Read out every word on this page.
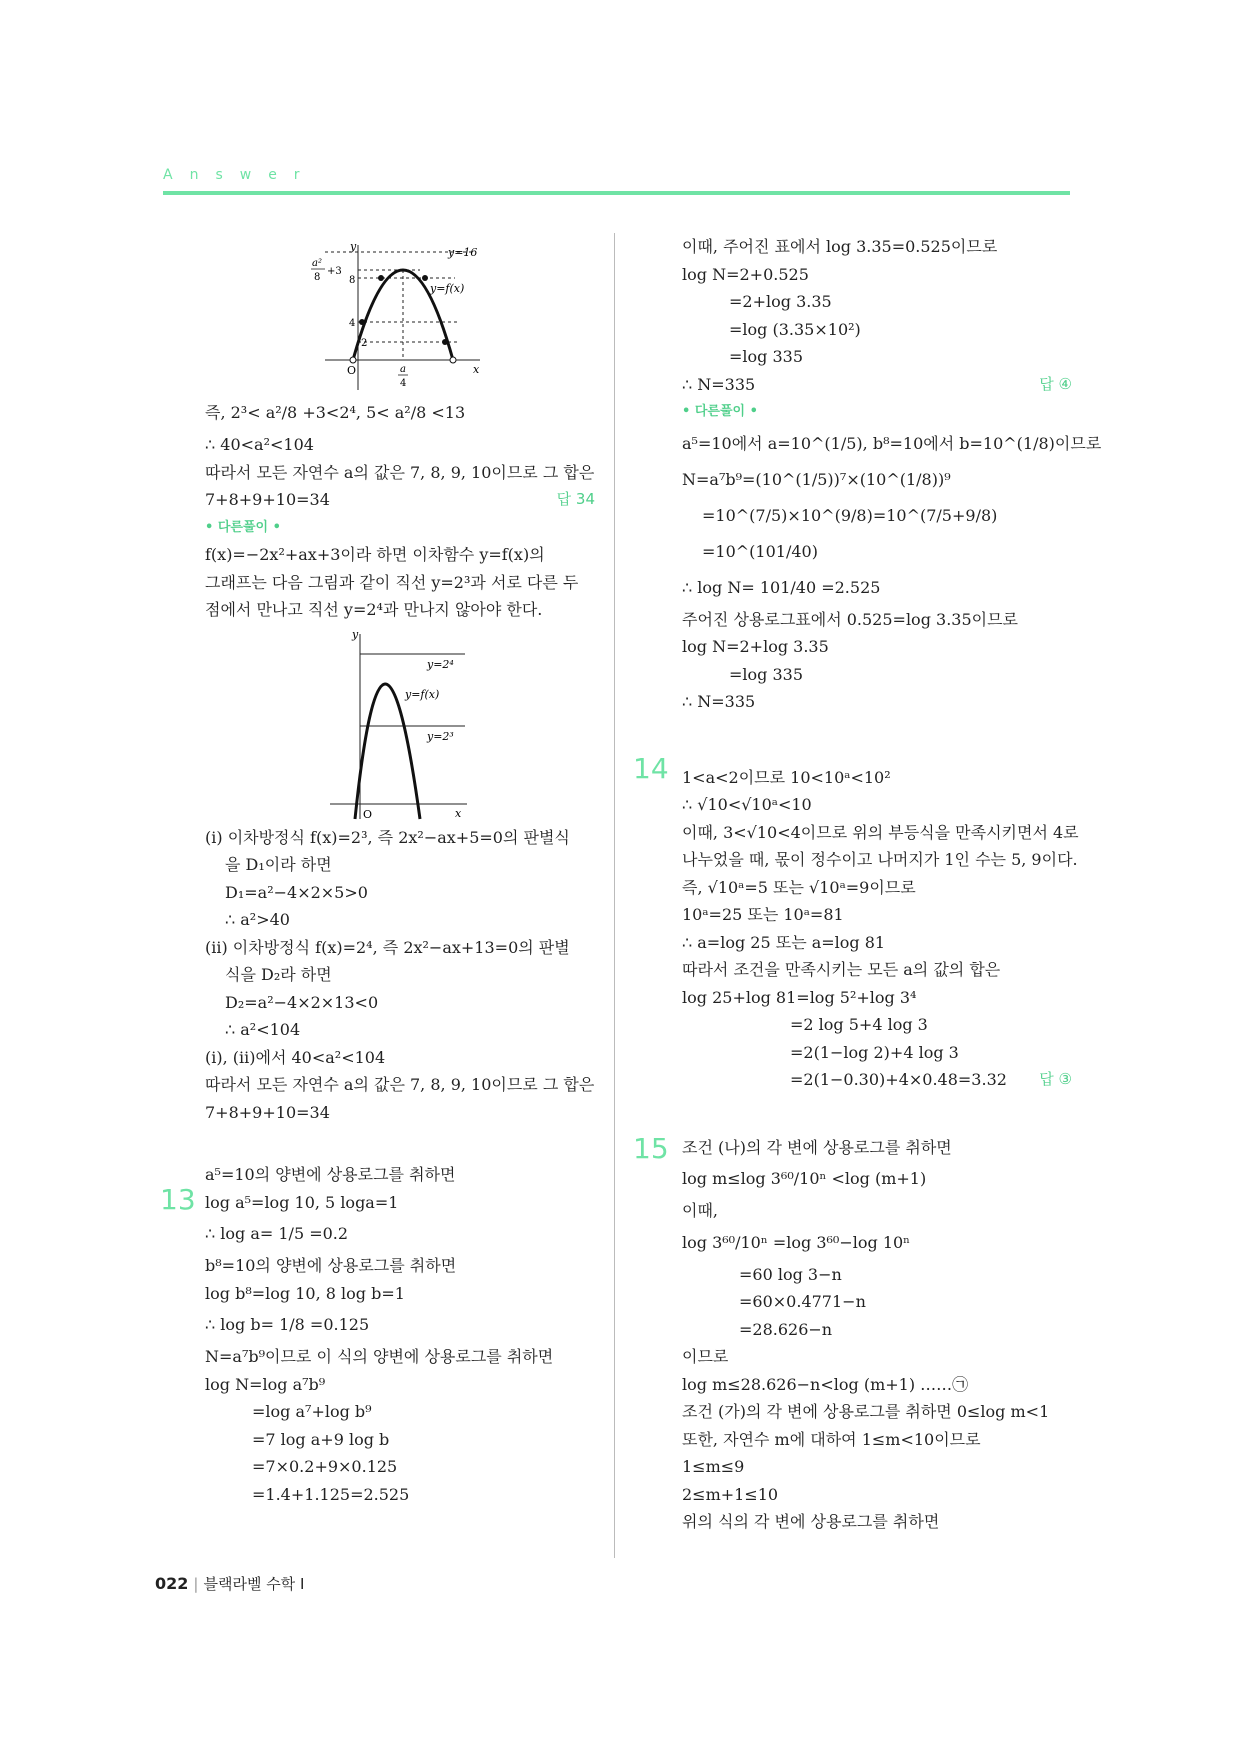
Answer
y
x
O
y=16
y=f(x)
8
4
2
a²
8
+3
a
4
즉, 2³< a²/8 +3<2⁴, 5< a²/8 <13
∴ 40<a²<104
따라서 모든 자연수 a의 값은 7, 8, 9, 10이므로 그 합은
7+8+9+10=34	답 34
• 다른풀이 •
f(x)=−2x²+ax+3이라 하면 이차함수 y=f(x)의
그래프는 다음 그림과 같이 직선 y=2³과 서로 다른 두
점에서 만나고 직선 y=2⁴과 만나지 않아야 한다.
y
x
O
y=2⁴
y=2³
y=f(x)
(ⅰ) 이차방정식 f(x)=2³, 즉 2x²−ax+5=0의 판별식
을 D₁이라 하면
D₁=a²−4×2×5>0
∴ a²>40
(ⅱ) 이차방정식 f(x)=2⁴, 즉 2x²−ax+13=0의 판별
식을 D₂라 하면
D₂=a²−4×2×13<0
∴ a²<104
(ⅰ), (ⅱ)에서 40<a²<104
따라서 모든 자연수 a의 값은 7, 8, 9, 10이므로 그 합은
7+8+9+10=34
a⁵=10의 양변에 상용로그를 취하면
log a⁵=log 10, 5 loga=1
∴ log a= 1/5 =0.2
b⁸=10의 양변에 상용로그를 취하면
log b⁸=log 10, 8 log b=1
∴ log b= 1/8 =0.125
N=a⁷b⁹이므로 이 식의 양변에 상용로그를 취하면
log N=log a⁷b⁹
=log a⁷+log b⁹
=7 log a+9 log b
=7×0.2+9×0.125
=1.4+1.125=2.525
13
이때, 주어진 표에서 log 3.35=0.525이므로
log N=2+0.525
=2+log 3.35
=log (3.35×10²)
=log 335
∴ N=335	답 ④
• 다른풀이 •
a⁵=10에서 a=10^(1/5), b⁸=10에서 b=10^(1/8)이므로
N=a⁷b⁹=(10^(1/5))⁷×(10^(1/8))⁹
=10^(7/5)×10^(9/8)=10^(7/5+9/8)
=10^(101/40)
∴ log N= 101/40 =2.525
주어진 상용로그표에서 0.525=log 3.35이므로
log N=2+log 3.35
=log 335
∴ N=335
1<a<2이므로 10<10ᵃ<10²
∴ √10<√10ᵃ<10
이때, 3<√10<4이므로 위의 부등식을 만족시키면서 4로
나누었을 때, 몫이 정수이고 나머지가 1인 수는 5, 9이다.
즉, √10ᵃ=5 또는 √10ᵃ=9이므로
10ᵃ=25 또는 10ᵃ=81
∴ a=log 25 또는 a=log 81
따라서 조건을 만족시키는 모든 a의 값의 합은
log 25+log 81=log 5²+log 3⁴
=2 log 5+4 log 3
=2(1−log 2)+4 log 3
=2(1−0.30)+4×0.48=3.32 답 ③
조건 (나)의 각 변에 상용로그를 취하면
log m≤log 3⁶⁰/10ⁿ <log (m+1)
이때,
log 3⁶⁰/10ⁿ =log 3⁶⁰−log 10ⁿ
=60 log 3−n
=60×0.4771−n
=28.626−n
이므로
log m≤28.626−n<log (m+1) ……㉠
조건 (가)의 각 변에 상용로그를 취하면 0≤log m<1
또한, 자연수 m에 대하여 1≤m<10이므로
1≤m≤9
2≤m+1≤10
위의 식의 각 변에 상용로그를 취하면
14
15
022 | 블랙라벨 수학 I
